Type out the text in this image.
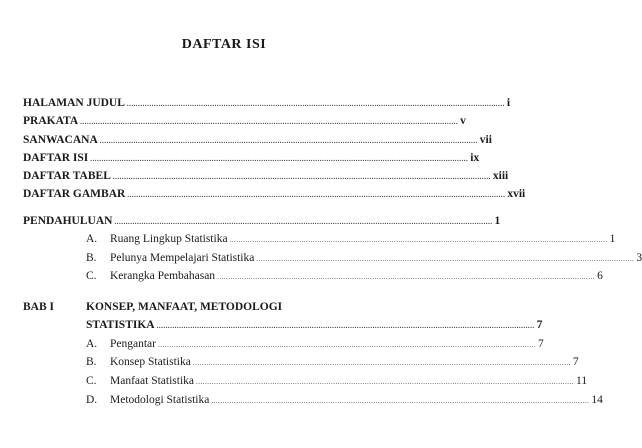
DAFTAR ISI
HALAMAN JUDUL ........................................................................................................................................................................ i
PRAKATA ........................................................................................................................................................................ v
SANWACANA ........................................................................................................................................................................ vii
DAFTAR ISI ........................................................................................................................................................................ ix
DAFTAR TABEL ........................................................................................................................................................................ xiii
DAFTAR GAMBAR ........................................................................................................................................................................ xvii
PENDAHULUAN ........................................................................................................................................................................ 1
A. Ruang Lingkup Statistika ........................................................................................................................................................................ 1
B. Pelunya Mempelajari Statistika ........................................................................................................................................................................ 3
C. Kerangka Pembahasan ........................................................................................................................................................................ 6
BAB I	KONSEP, MANFAAT, METODOLOGI
STATISTIKA ........................................................................................................................................................................ 7
A. Pengantar ........................................................................................................................................................................ 7
B. Konsep Statistika ........................................................................................................................................................................ 7
C. Manfaat Statistika ........................................................................................................................................................................ 11
D. Metodologi Statistika ........................................................................................................................................................................ 14
